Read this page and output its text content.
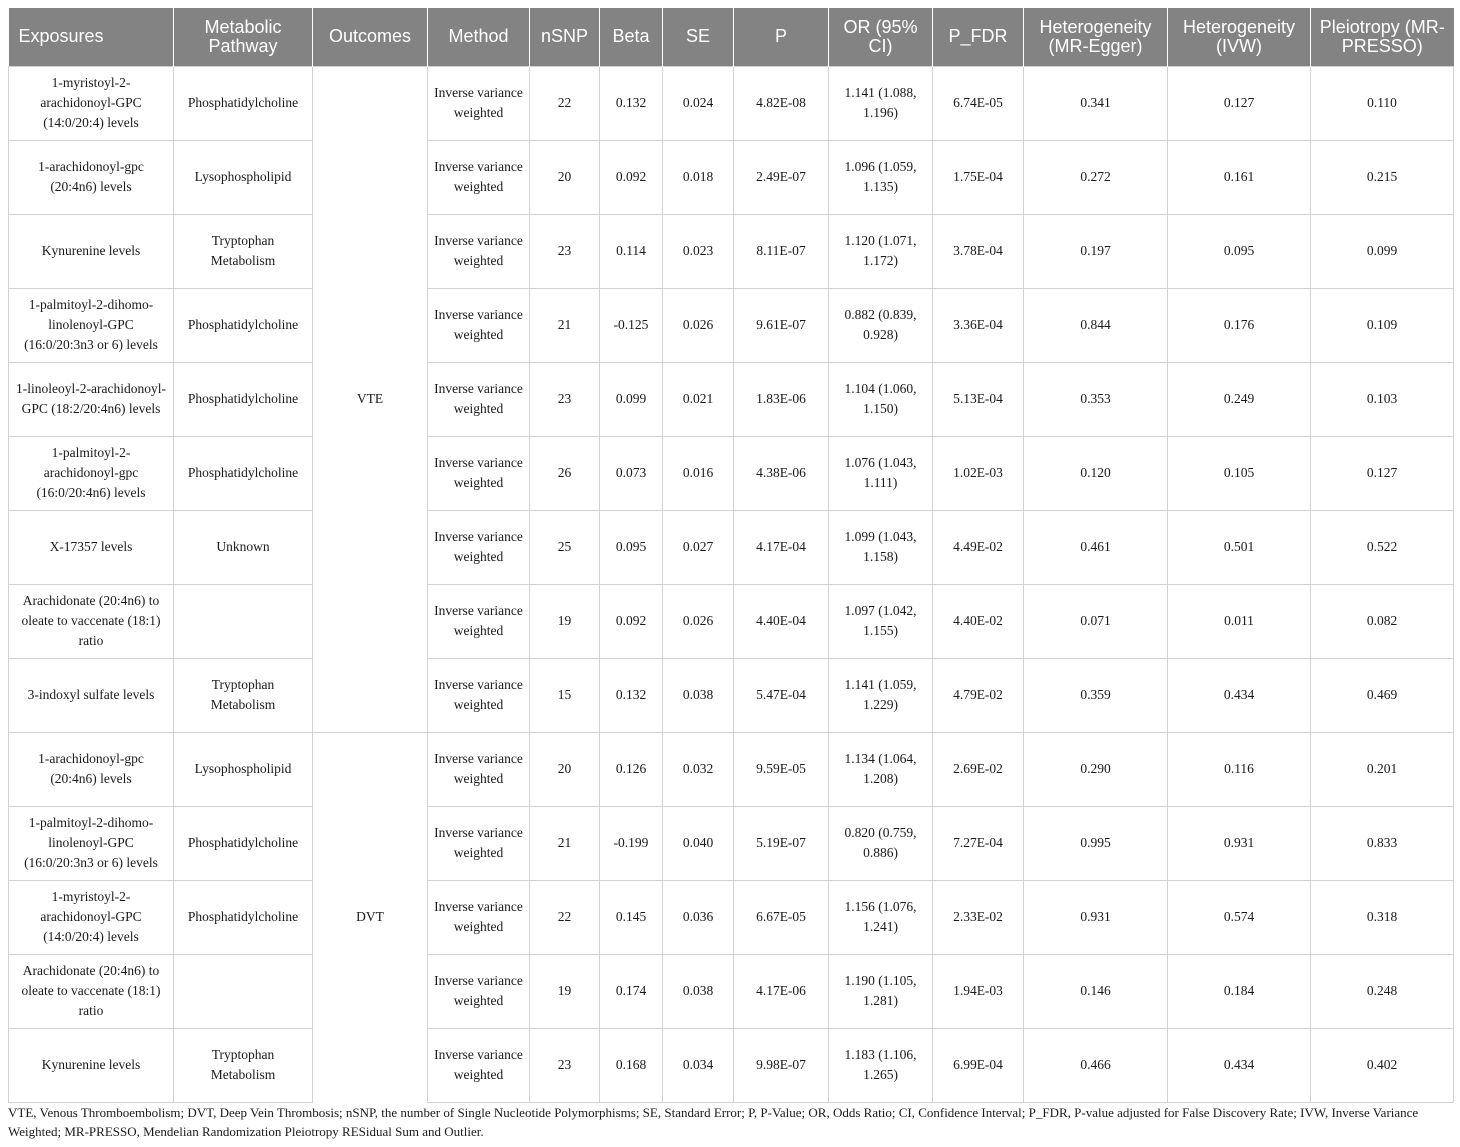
Exposures	Metabolic Pathway	Outcomes	Method	nSNP	Beta	SE	P	OR (95% CI)	P_FDR	Heterogeneity (MR-Egger)	Heterogeneity (IVW)	Pleiotropy (MR-PRESSO)
1-myristoyl-2-arachidonoyl-GPC (14:0/20:4) levels	Phosphatidylcholine	VTE	Inverse variance weighted	22	0.132	0.024	4.82E-08	1.141 (1.088, 1.196)	6.74E-05	0.341	0.127	0.110
1-arachidonoyl-gpc (20:4n6) levels	Lysophospholipid		Inverse variance weighted	20	0.092	0.018	2.49E-07	1.096 (1.059, 1.135)	1.75E-04	0.272	0.161	0.215
Kynurenine levels	Tryptophan Metabolism		Inverse variance weighted	23	0.114	0.023	8.11E-07	1.120 (1.071, 1.172)	3.78E-04	0.197	0.095	0.099
1-palmitoyl-2-dihomo-linolenoyl-GPC (16:0/20:3n3 or 6) levels	Phosphatidylcholine		Inverse variance weighted	21	-0.125	0.026	9.61E-07	0.882 (0.839, 0.928)	3.36E-04	0.844	0.176	0.109
1-linoleoyl-2-arachidonoyl-GPC (18:2/20:4n6) levels	Phosphatidylcholine		Inverse variance weighted	23	0.099	0.021	1.83E-06	1.104 (1.060, 1.150)	5.13E-04	0.353	0.249	0.103
1-palmitoyl-2-arachidonoyl-gpc (16:0/20:4n6) levels	Phosphatidylcholine		Inverse variance weighted	26	0.073	0.016	4.38E-06	1.076 (1.043, 1.111)	1.02E-03	0.120	0.105	0.127
X-17357 levels	Unknown		Inverse variance weighted	25	0.095	0.027	4.17E-04	1.099 (1.043, 1.158)	4.49E-02	0.461	0.501	0.522
Arachidonate (20:4n6) to oleate to vaccenate (18:1) ratio			Inverse variance weighted	19	0.092	0.026	4.40E-04	1.097 (1.042, 1.155)	4.40E-02	0.071	0.011	0.082
3-indoxyl sulfate levels	Tryptophan Metabolism		Inverse variance weighted	15	0.132	0.038	5.47E-04	1.141 (1.059, 1.229)	4.79E-02	0.359	0.434	0.469
1-arachidonoyl-gpc (20:4n6) levels	Lysophospholipid	DVT	Inverse variance weighted	20	0.126	0.032	9.59E-05	1.134 (1.064, 1.208)	2.69E-02	0.290	0.116	0.201
1-palmitoyl-2-dihomo-linolenoyl-GPC (16:0/20:3n3 or 6) levels	Phosphatidylcholine		Inverse variance weighted	21	-0.199	0.040	5.19E-07	0.820 (0.759, 0.886)	7.27E-04	0.995	0.931	0.833
1-myristoyl-2-arachidonoyl-GPC (14:0/20:4) levels	Phosphatidylcholine		Inverse variance weighted	22	0.145	0.036	6.67E-05	1.156 (1.076, 1.241)	2.33E-02	0.931	0.574	0.318
Arachidonate (20:4n6) to oleate to vaccenate (18:1) ratio			Inverse variance weighted	19	0.174	0.038	4.17E-06	1.190 (1.105, 1.281)	1.94E-03	0.146	0.184	0.248
Kynurenine levels	Tryptophan Metabolism		Inverse variance weighted	23	0.168	0.034	9.98E-07	1.183 (1.106, 1.265)	6.99E-04	0.466	0.434	0.402
VTE, Venous Thromboembolism; DVT, Deep Vein Thrombosis; nSNP, the number of Single Nucleotide Polymorphisms; SE, Standard Error; P, P-Value; OR, Odds Ratio; CI, Confidence Interval; P_FDR, P-value adjusted for False Discovery Rate; IVW, Inverse Variance Weighted; MR-PRESSO, Mendelian Randomization Pleiotropy RESidual Sum and Outlier.
